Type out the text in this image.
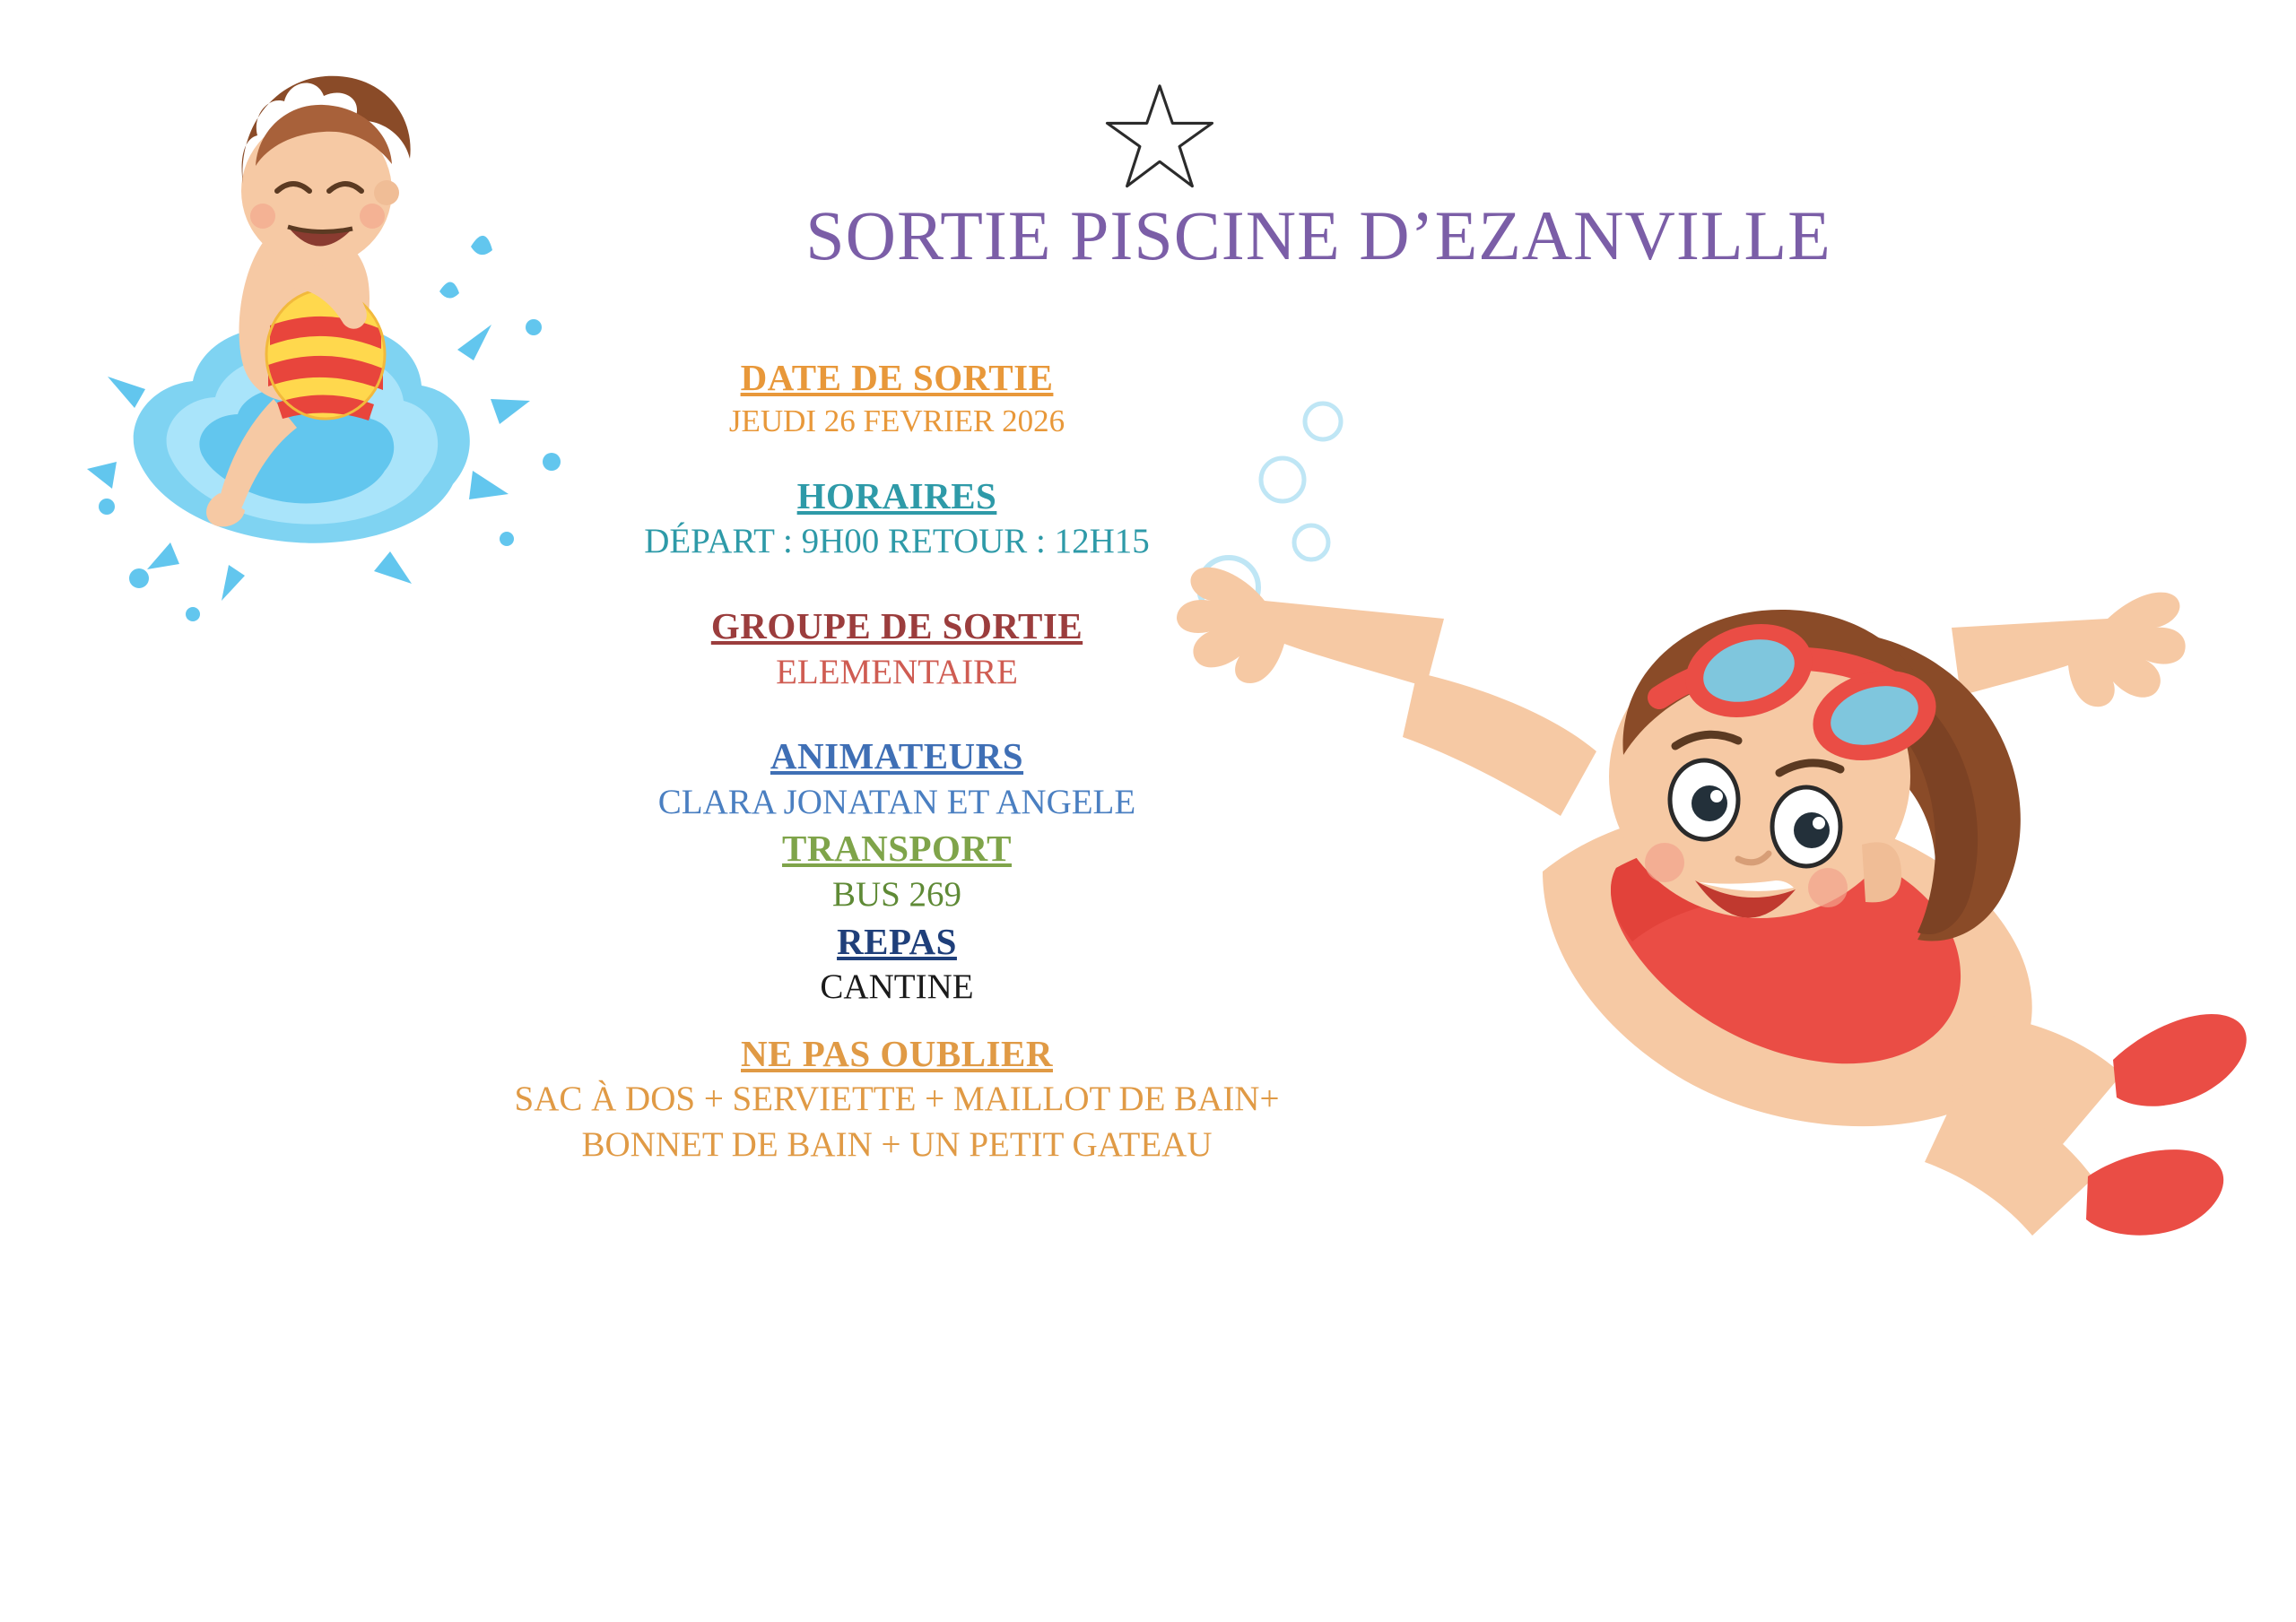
SORTIE PISCINE D’EZANVILLE
DATE DE SORTIE
JEUDI 26 FEVRIER 2026
HORAIRES
DÉPART : 9H00 RETOUR : 12H15
GROUPE DE SORTIE
ELEMENTAIRE
ANIMATEURS
CLARA JONATAN ET ANGELE
TRANSPORT
BUS 269
REPAS
CANTINE
NE PAS OUBLIER
SAC À DOS + SERVIETTE + MAILLOT DE BAIN+
BONNET DE BAIN + UN PETIT GATEAU
